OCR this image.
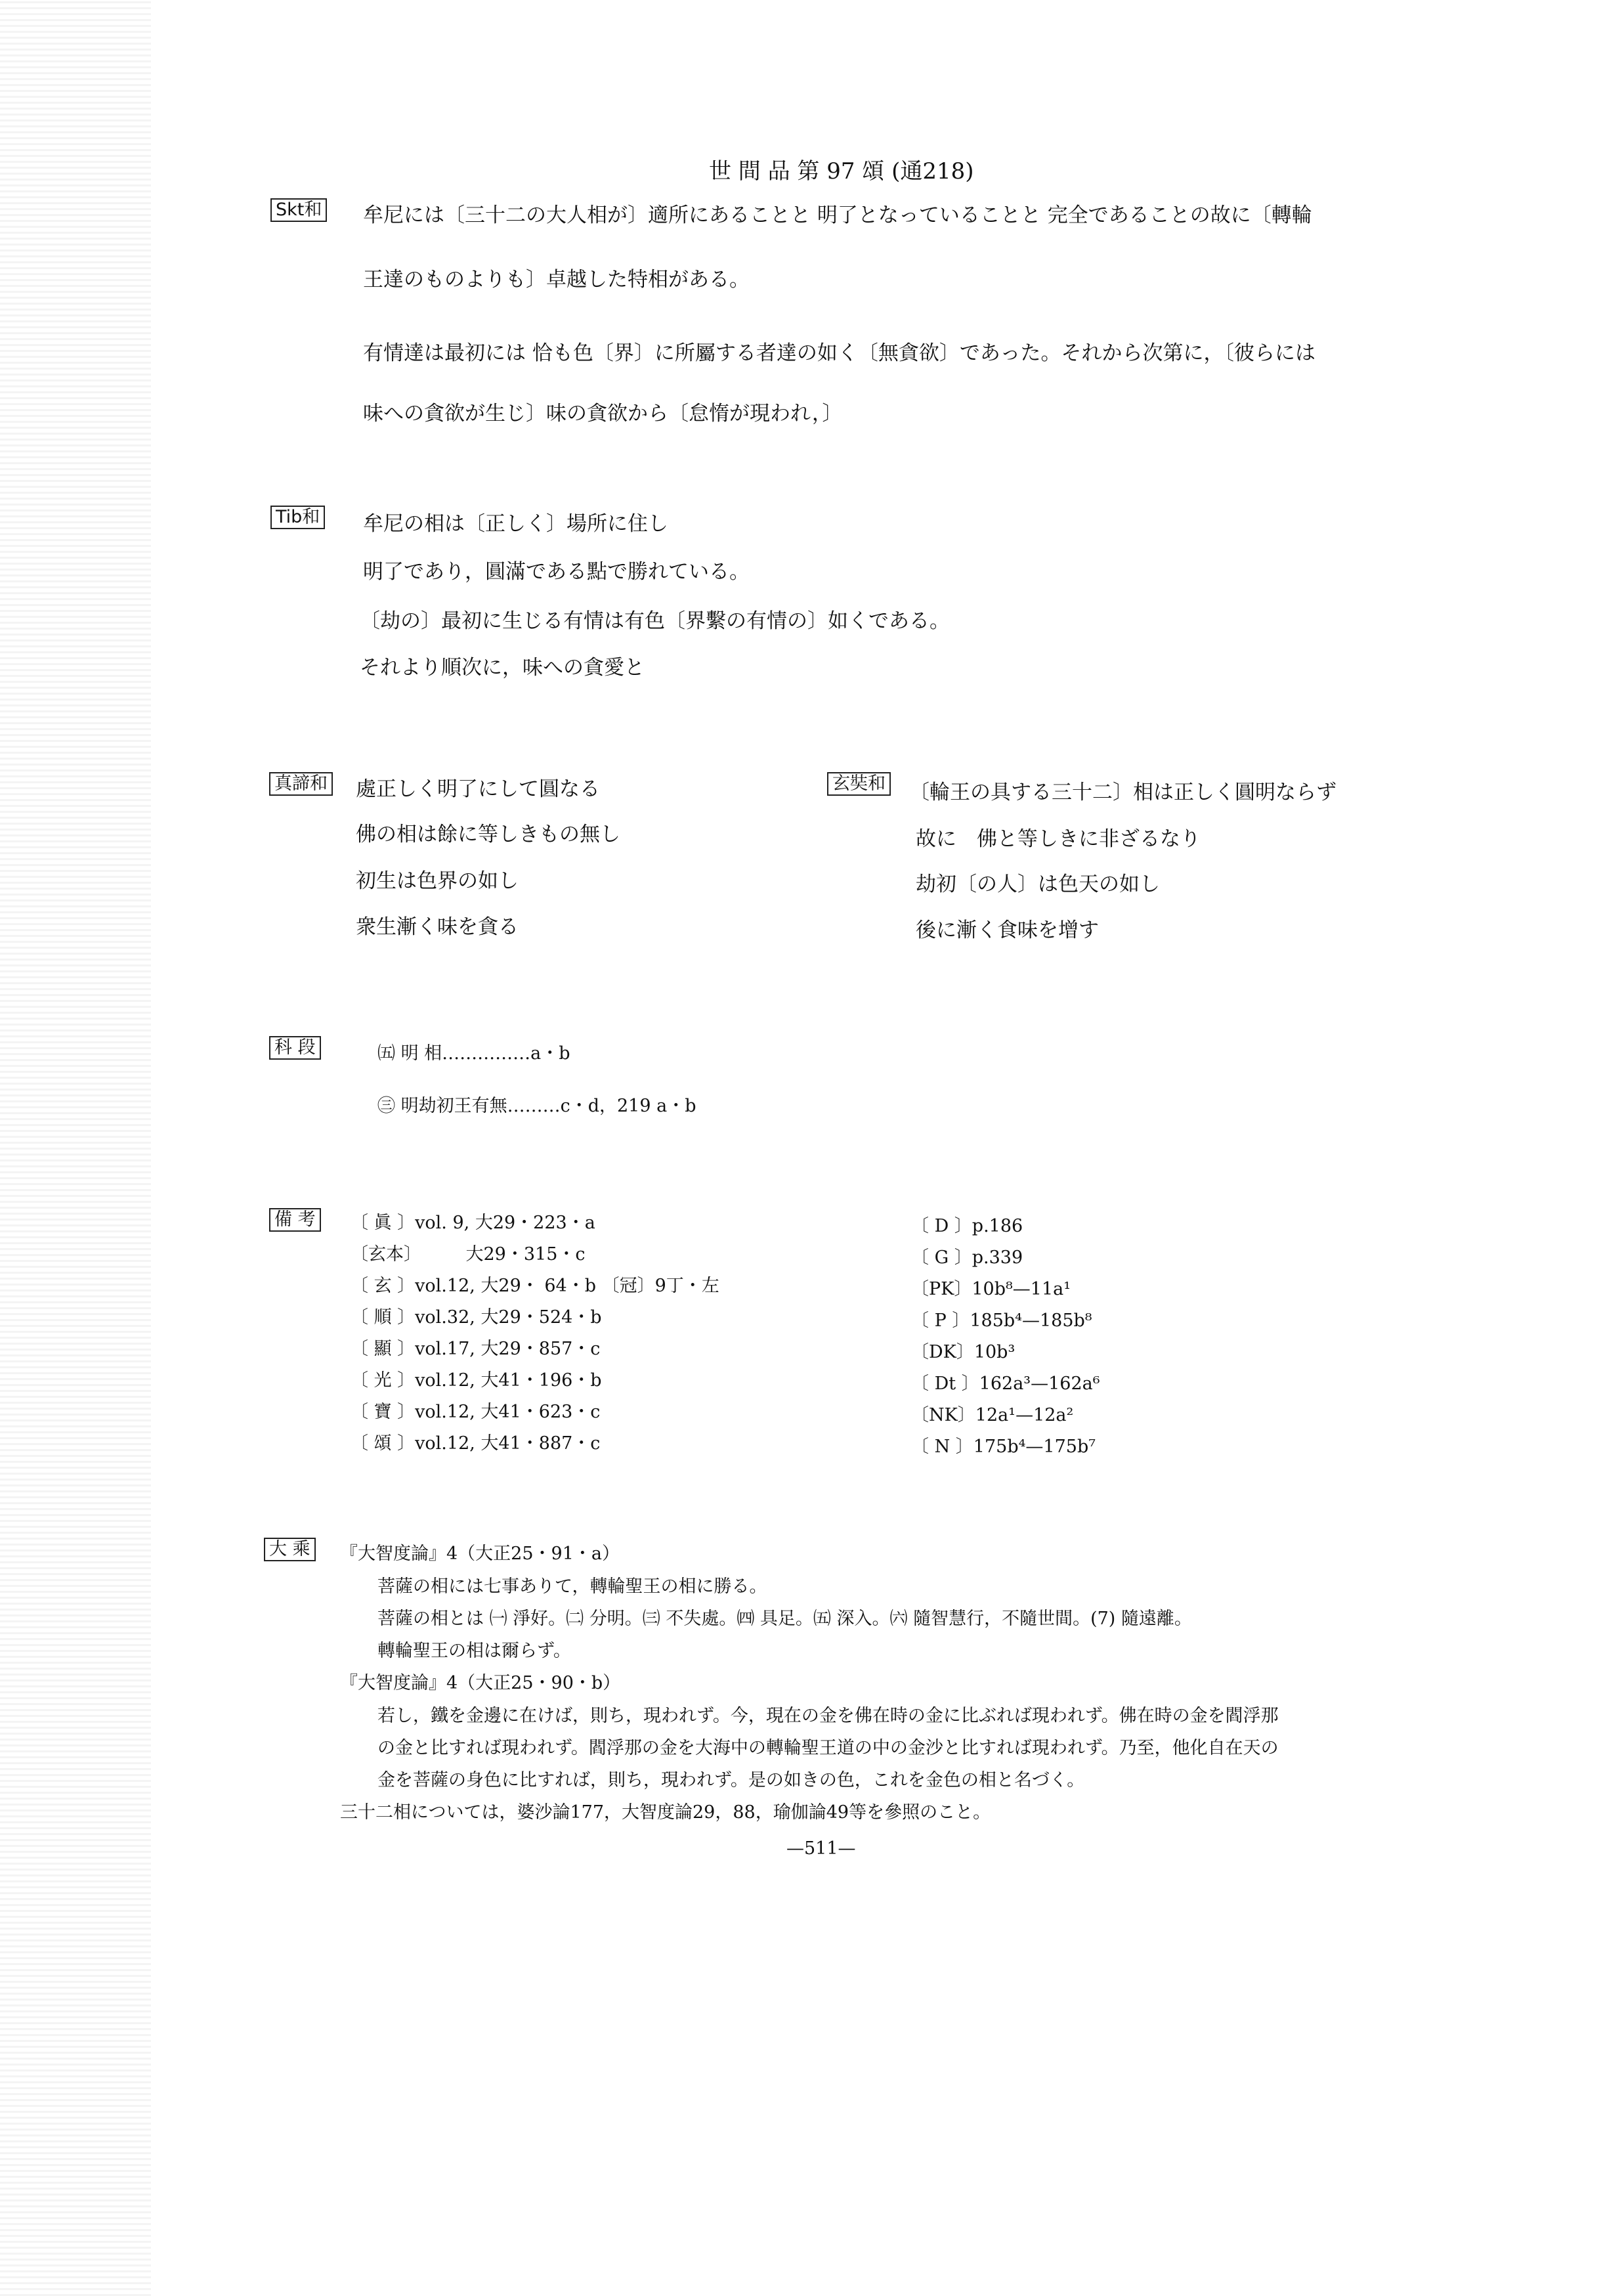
世 間 品 第 97 頌 (通218)
Skt和 牟尼には〔三十二の大人相が〕適所にあることと 明了となっていることと 完全であることの故に〔轉輪
王達のものよりも〕卓越した特相がある。
有情達は最初には 恰も色〔界〕に所屬する者達の如く〔無貪欲〕であった。それから次第に，〔彼らには
味への貪欲が生じ〕味の貪欲から〔怠惰が現われ，〕
Tib和 牟尼の相は〔正しく〕場所に住し
明了であり，圓滿である點で勝れている。
〔劫の〕最初に生じる有情は有色〔界繫の有情の〕如くである。
それより順次に，味への貪愛と
真諦和 處正しく明了にして圓なる
佛の相は餘に等しきもの無し
初生は色界の如し
衆生漸く味を貪る
玄奘和 〔輪王の具する三十二〕相は正しく圓明ならず
故に　佛と等しきに非ざるなり
劫初〔の人〕は色天の如し
後に漸く食味を增す
科 段	㈤ 明 相……………a・b
㊂ 明劫初王有無………c・d，219 a・b
備 考 〔 眞 〕vol. 9, 大29・223・a
〔玄本〕　　　大29・315・c
〔 玄 〕vol.12, 大29・ 64・b 〔冠〕9丁・左
〔 順 〕vol.32, 大29・524・b
〔 顯 〕vol.17, 大29・857・c
〔 光 〕vol.12, 大41・196・b
〔 寶 〕vol.12, 大41・623・c
〔 頌 〕vol.12, 大41・887・c
〔 D 〕p.186
〔 G 〕p.339
〔PK〕10b⁸—11a¹
〔 P 〕185b⁴—185b⁸
〔DK〕10b³
〔 Dt 〕162a³—162a⁶
〔NK〕12a¹—12a²
〔 N 〕175b⁴—175b⁷
大 乘 『大智度論』4（大正25・91・a）
菩薩の相には七事ありて，轉輪聖王の相に勝る。
菩薩の相とは ㈠ 淨好。㈡ 分明。㈢ 不失處。㈣ 具足。㈤ 深入。㈥ 隨智慧行，不隨世間。(7) 隨遠離。
轉輪聖王の相は爾らず。
『大智度論』4（大正25・90・b）
若し，鐵を金邊に在けば，則ち，現われず。今，現在の金を佛在時の金に比ぶれば現われず。佛在時の金を閻浮那
の金と比すれば現われず。閻浮那の金を大海中の轉輪聖王道の中の金沙と比すれば現われず。乃至，他化自在天の
金を菩薩の身色に比すれば，則ち，現われず。是の如きの色，これを金色の相と名づく。
三十二相については，婆沙論177，大智度論29，88，瑜伽論49等を參照のこと。
—511—
